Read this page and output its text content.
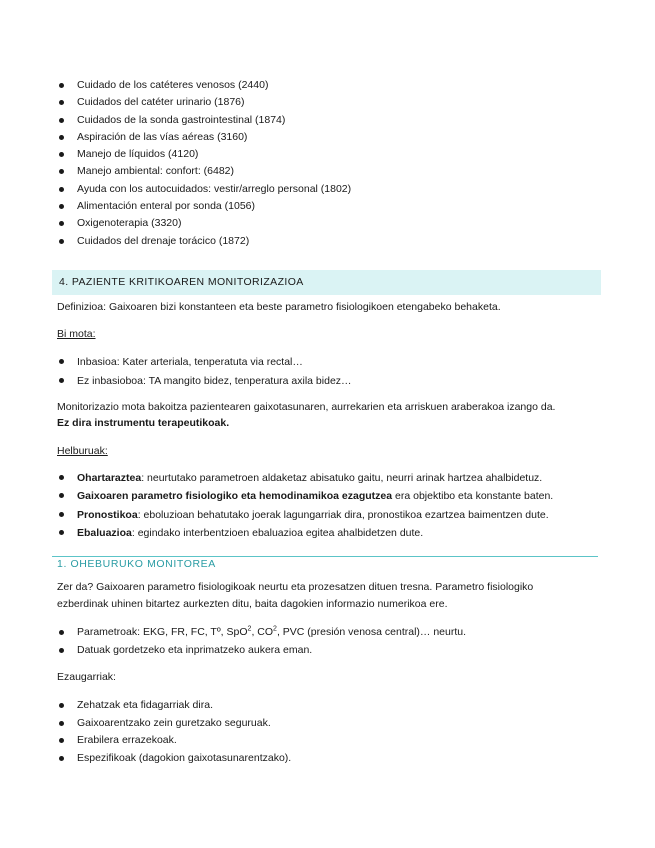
Cuidado de los catéteres venosos (2440)
Cuidados del catéter urinario (1876)
Cuidados de la sonda gastrointestinal (1874)
Aspiración de las vías aéreas (3160)
Manejo de líquidos (4120)
Manejo ambiental: confort: (6482)
Ayuda con los autocuidados: vestir/arreglo personal (1802)
Alimentación enteral por sonda (1056)
Oxigenoterapia (3320)
Cuidados del drenaje torácico (1872)
4. PAZIENTE KRITIKOAREN MONITORIZAZIOA
Definizioa: Gaixoaren bizi konstanteen eta beste parametro fisiologikoen etengabeko behaketa.
Bi mota:
Inbasioa: Kater arteriala, tenperatuta via rectal…
Ez inbasioboa: TA mangito bidez, tenperatura axila bidez…
Monitorizazio mota bakoitza pazientearen gaixotasunaren, aurrekarien eta arriskuen araberakoa izango da.
Ez dira instrumentu terapeutikoak.
Helburuak:
Ohartaraztea: neurtutako parametroen aldaketaz abisatuko gaitu, neurri arinak hartzea ahalbidetuz.
Gaixoaren parametro fisiologiko eta hemodinamikoa ezagutzea era objektibo eta konstante baten.
Pronostikoa: eboluzioan behatutako joerak lagungarriak dira, pronostikoa ezartzea baimentzen dute.
Ebaluazioa: egindako interbentzioen ebaluazioa egitea ahalbidetzen dute.
1. OHEBURUKO MONITOREA
Zer da? Gaixoaren parametro fisiologikoak neurtu eta prozesatzen dituen tresna. Parametro fisiologiko
ezberdinak uhinen bitartez aurkezten ditu, baita dagokien informazio numerikoa ere.
Parametroak: EKG, FR, FC, Tº, SpO$^2$, $CO^2$, PVC (presión venosa central)… neurtu.
Datuak gordetzeko eta inprimatzeko aukera eman.
Ezaugarriak:
Zehatzak eta fidagarriak dira.
Gaixoarentzako zein guretzako seguruak.
Erabilera errazekoak.
Espezifikoak (dagokion gaixotasunarentzako).
